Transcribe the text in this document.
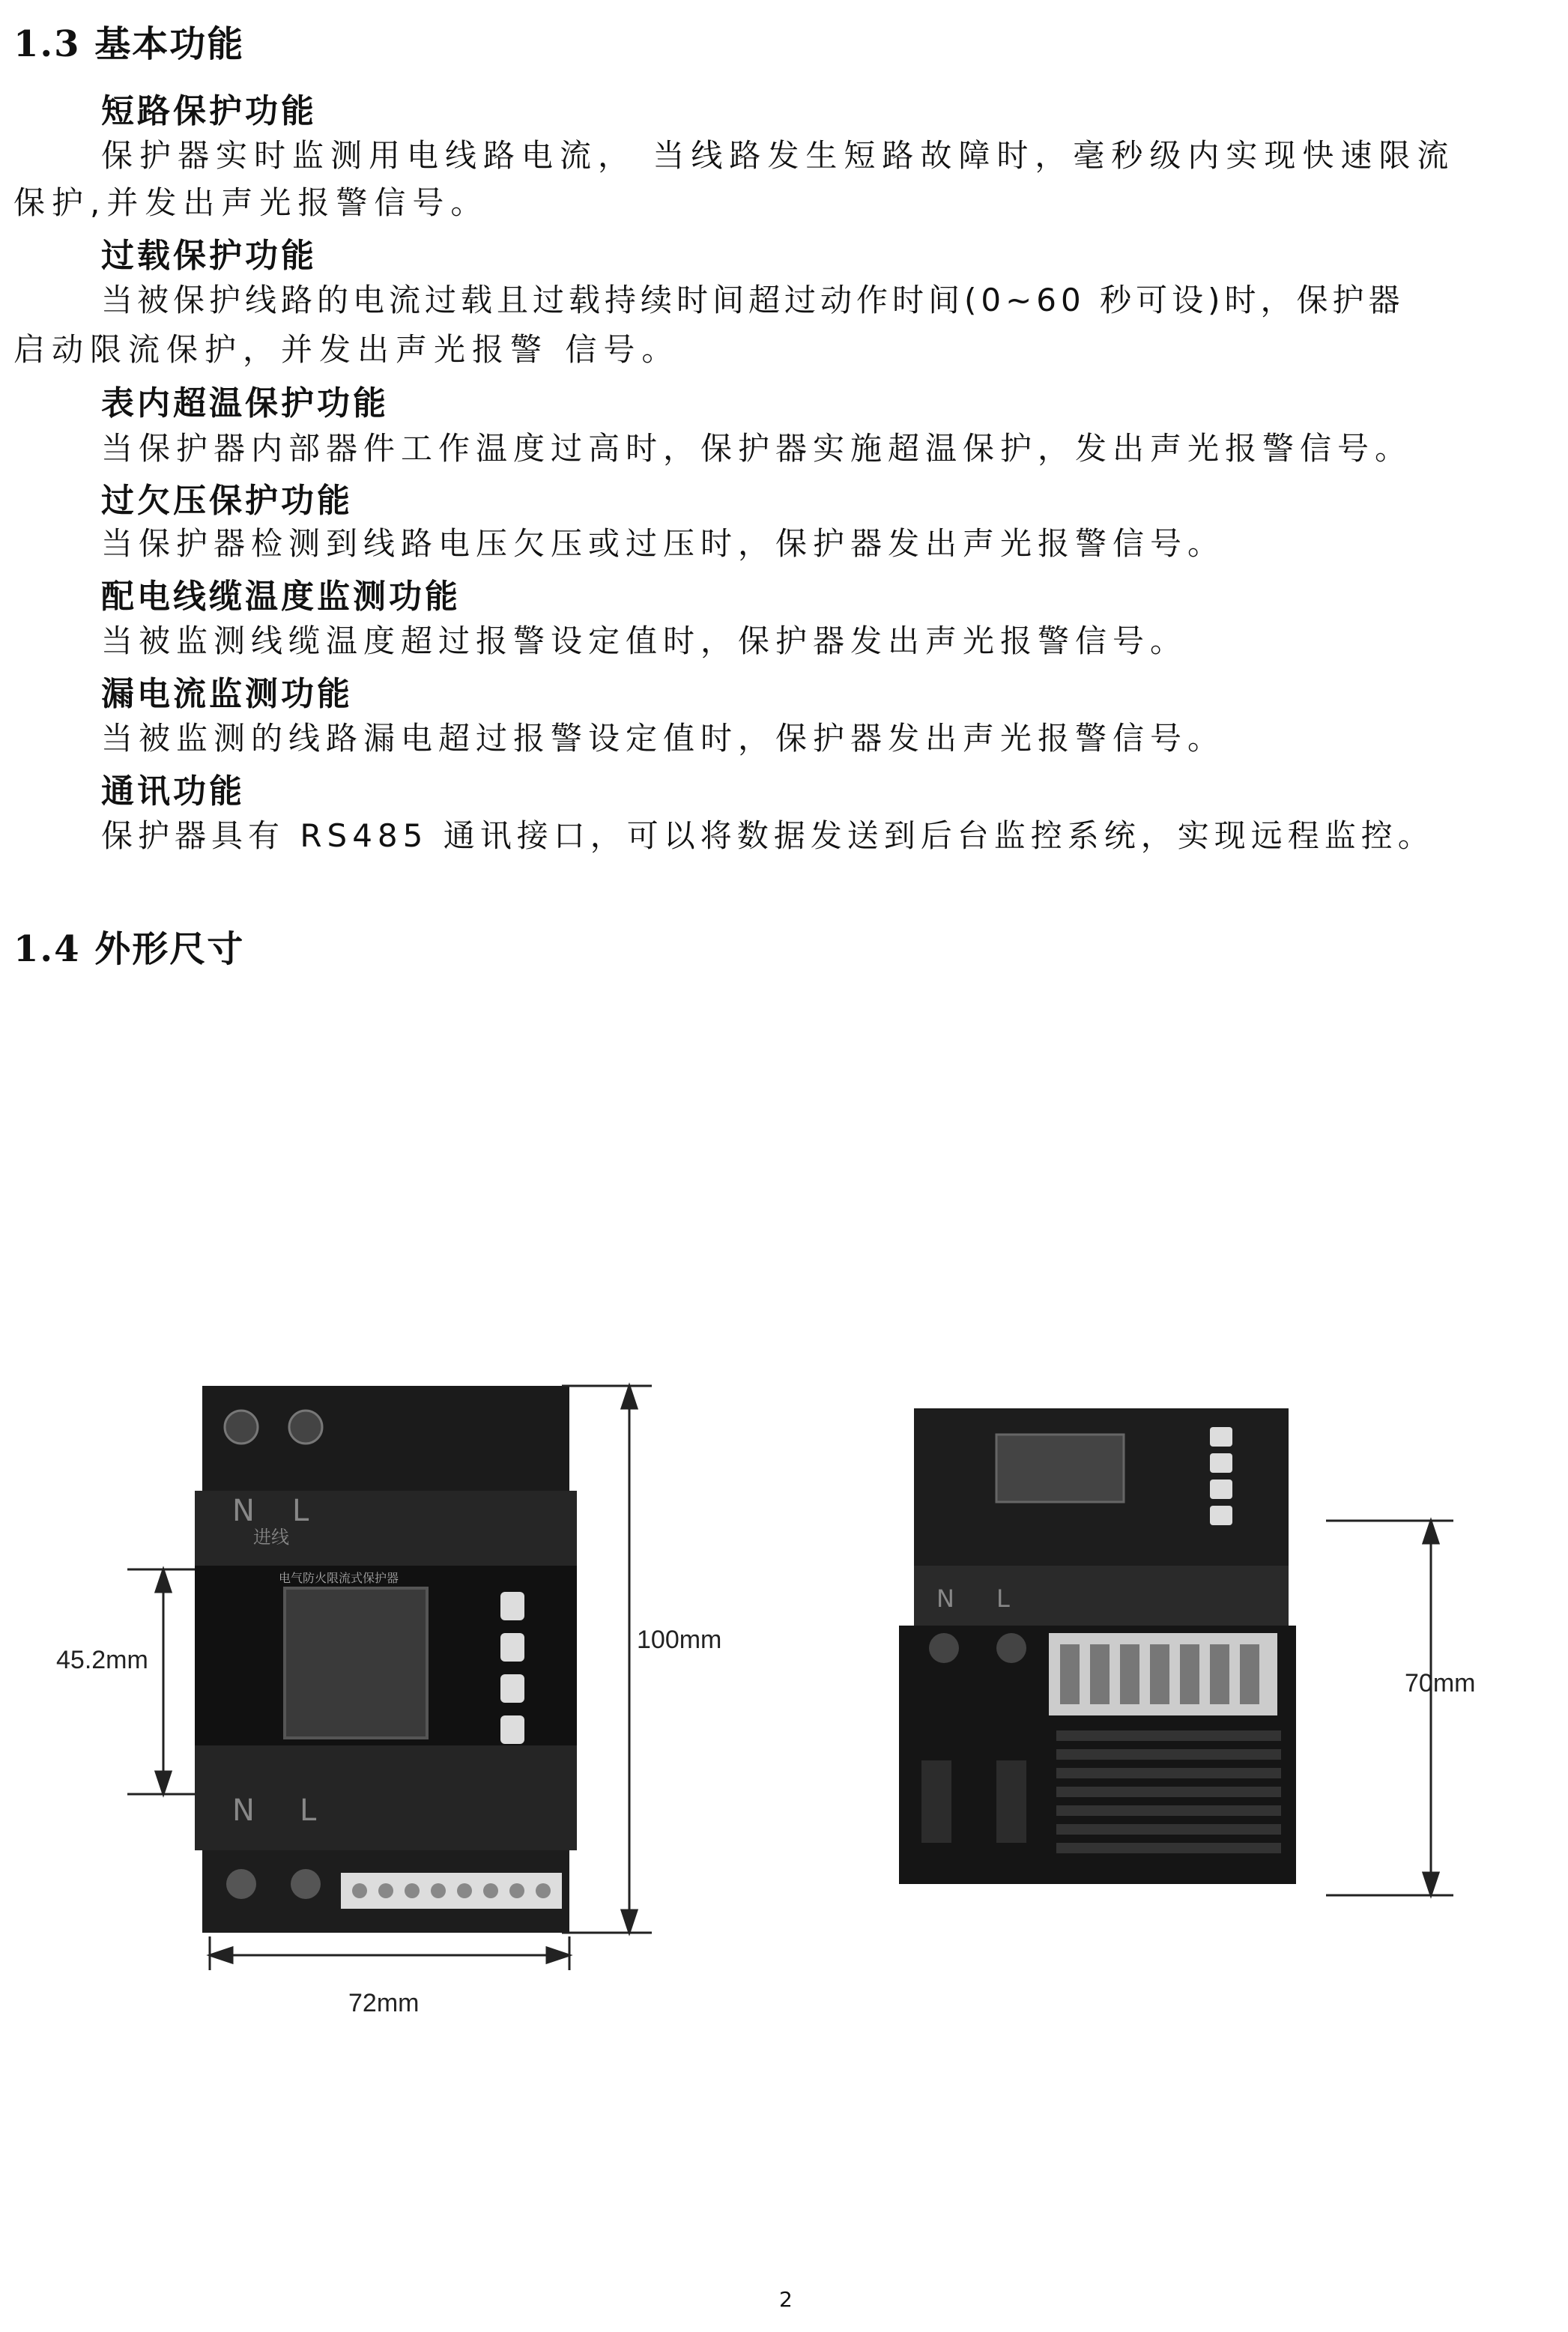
1.3 基本功能
短路保护功能
保护器实时监测用电线路电流， 当线路发生短路故障时，毫秒级内实现快速限流
保护,并发出声光报警信号。
过载保护功能
当被保护线路的电流过载且过载持续时间超过动作时间(0~60 秒可设)时，保护器
启动限流保护，并发出声光报警 信号。
表内超温保护功能
当保护器内部器件工作温度过高时，保护器实施超温保护，发出声光报警信号。
过欠压保护功能
当保护器检测到线路电压欠压或过压时，保护器发出声光报警信号。
配电线缆温度监测功能
当被监测线缆温度超过报警设定值时，保护器发出声光报警信号。
漏电流监测功能
当被监测的线路漏电超过报警设定值时，保护器发出声光报警信号。
通讯功能
保护器具有 RS485 通讯接口，可以将数据发送到后台监控系统，实现远程监控。
1.4 外形尺寸
N L
进线
电气防火限流式保护器
N L
100mm
45.2mm
72mm
N L
70mm
2
